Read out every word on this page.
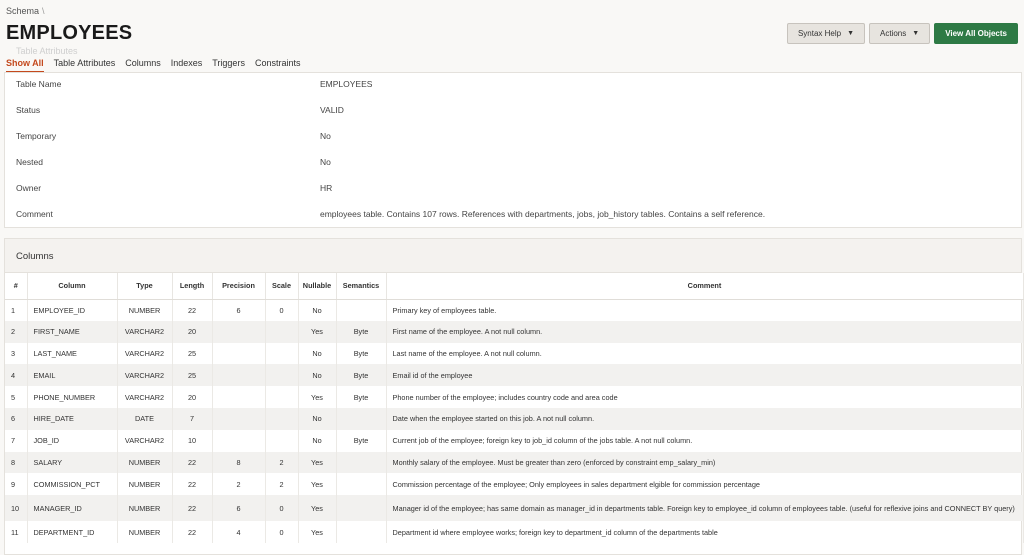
Schema \
EMPLOYEES
Table Attributes
Syntax Help ▼	Actions ▼	View All Objects
Show All Table Attributes Columns Indexes Triggers Constraints
Table Name	EMPLOYEES
Status	VALID
Temporary	No
Nested	No
Owner	HR
Comment	employees table. Contains 107 rows. References with departments, jobs, job_history tables. Contains a self reference.
Columns
#	Column	Type	Length	Precision	Scale	Nullable	Semantics	Comment
1	EMPLOYEE_ID	NUMBER	22	6	0	No		Primary key of employees table.
2	FIRST_NAME	VARCHAR2	20			Yes	Byte	First name of the employee. A not null column.
3	LAST_NAME	VARCHAR2	25			No	Byte	Last name of the employee. A not null column.
4	EMAIL	VARCHAR2	25			No	Byte	Email id of the employee
5	PHONE_NUMBER	VARCHAR2	20			Yes	Byte	Phone number of the employee; includes country code and area code
6	HIRE_DATE	DATE	7			No		Date when the employee started on this job. A not null column.
7	JOB_ID	VARCHAR2	10			No	Byte	Current job of the employee; foreign key to job_id column of the jobs table. A not null column.
8	SALARY	NUMBER	22	8	2	Yes		Monthly salary of the employee. Must be greater than zero (enforced by constraint emp_salary_min)
9	COMMISSION_PCT	NUMBER	22	2	2	Yes		Commission percentage of the employee; Only employees in sales department elgible for commission percentage
10	MANAGER_ID	NUMBER	22	6	0	Yes		Manager id of the employee; has same domain as manager_id in departments table. Foreign key to employee_id column of employees table. (useful for reflexive joins and CONNECT BY query)
11	DEPARTMENT_ID	NUMBER	22	4	0	Yes		Department id where employee works; foreign key to department_id column of the departments table
